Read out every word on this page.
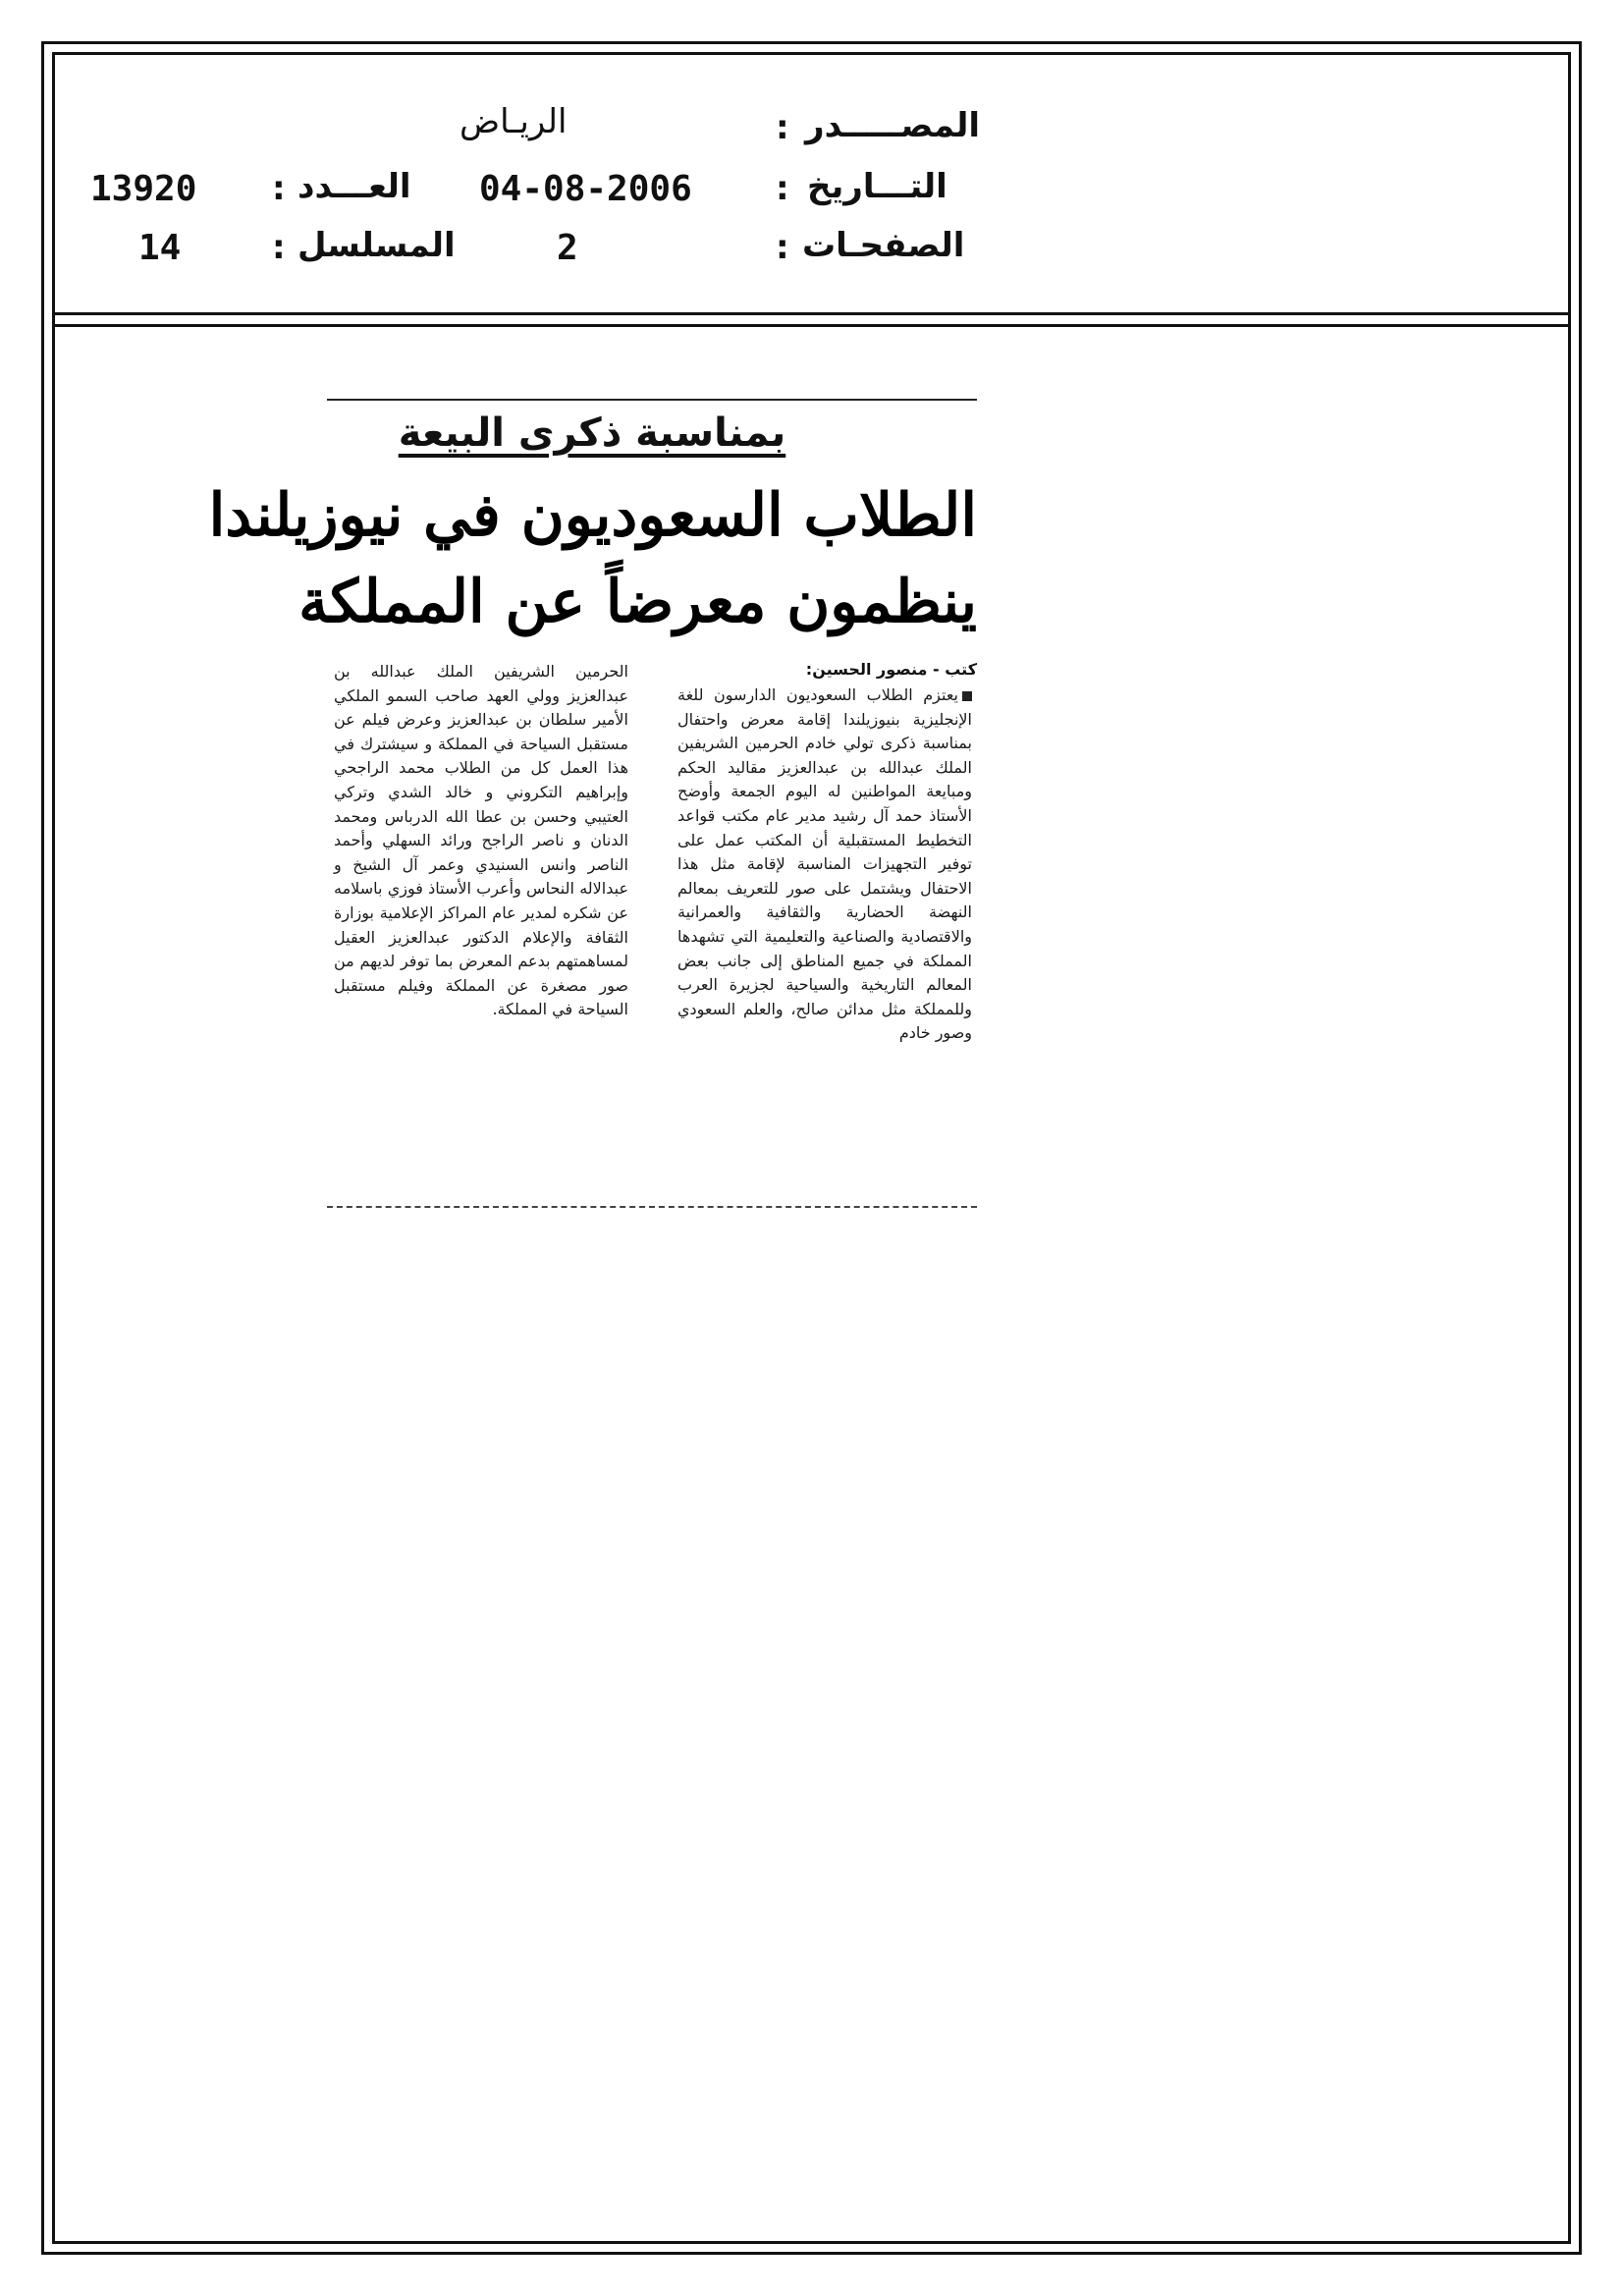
المصـــــدر
:
الريـاض
التـــاريخ
:
04-08-2006
العـــدد
:
13920
الصفحـات
:
2
المسلسل
:
14
بمناسبة ذكرى البيعة
الطلاب السعوديون في نيوزيلندا
ينظمون معرضاً عن المملكة
كتب - منصور الحسين:
يعتزم الطلاب السعوديون الدارسون للغة الإنجليزية بنيوزيلندا إقامة معرض واحتفال بمناسبة ذكرى تولي خادم الحرمين الشريفين الملك عبدالله بن عبدالعزيز مقاليد الحكم ومبايعة المواطنين له اليوم الجمعة وأوضح الأستاذ حمد آل رشيد مدير عام مكتب قواعد التخطيط المستقبلية أن المكتب عمل على توفير التجهيزات المناسبة لإقامة مثل هذا الاحتفال ويشتمل على صور للتعريف بمعالم النهضة الحضارية والثقافية والعمرانية والاقتصادية والصناعية والتعليمية التي تشهدها المملكة في جميع المناطق إلى جانب بعض المعالم التاريخية والسياحية لجزيرة العرب وللمملكة مثل مدائن صالح، والعلم السعودي وصور خادم
الحرمين الشريفين الملك عبدالله بن عبدالعزيز وولي العهد صاحب السمو الملكي الأمير سلطان بن عبدالعزيز وعرض فيلم عن مستقبل السياحة في المملكة و سيشترك في هذا العمل كل من الطلاب محمد الراجحي وإبراهيم التكروني و خالد الشدي وتركي العتيبي وحسن بن عطا الله الدرباس ومحمد الدنان و ناصر الراجح ورائد السهلي وأحمد الناصر وانس السنيدي وعمر آل الشيخ و عبدالاله النحاس وأعرب الأستاذ فوزي باسلامه عن شكره لمدير عام المراكز الإعلامية بوزارة الثقافة والإعلام الدكتور عبدالعزيز العقيل لمساهمتهم بدعم المعرض بما توفر لديهم من صور مصغرة عن المملكة وفيلم مستقبل السياحة في المملكة.
